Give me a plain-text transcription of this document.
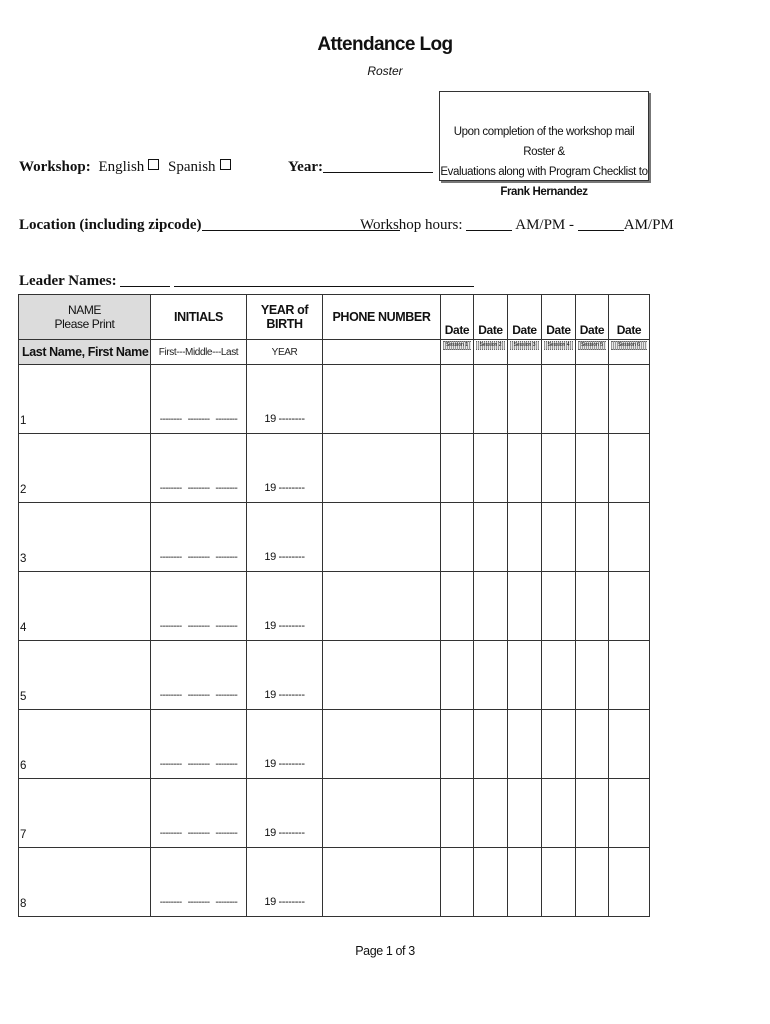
Attendance Log
Roster
Upon completion of the workshop mail Roster &
Evaluations along with Program Checklist to
Frank Hernandez
Workshop: English Spanish	Year:
Location (including zipcode)	Workshop hours:	AM/PM -	AM/PM
Leader Names:
NAME
Please Print	INITIALS	YEAR of BIRTH	PHONE NUMBER	Date	Date	Date	Date	Date	Date
Last Name, First Name	First---Middle---Last	YEAR		Session 1	Session 2	Session 3	Session 4	Session 5	Session 6

1	-------- -------- --------	19 --------							
2	-------- -------- --------	19 --------							
3	-------- -------- --------	19 --------							
4	-------- -------- --------	19 --------							
5	-------- -------- --------	19 --------							
6	-------- -------- --------	19 --------							
7	-------- -------- --------	19 --------							
8	-------- -------- --------	19 --------							
Page 1 of 3
